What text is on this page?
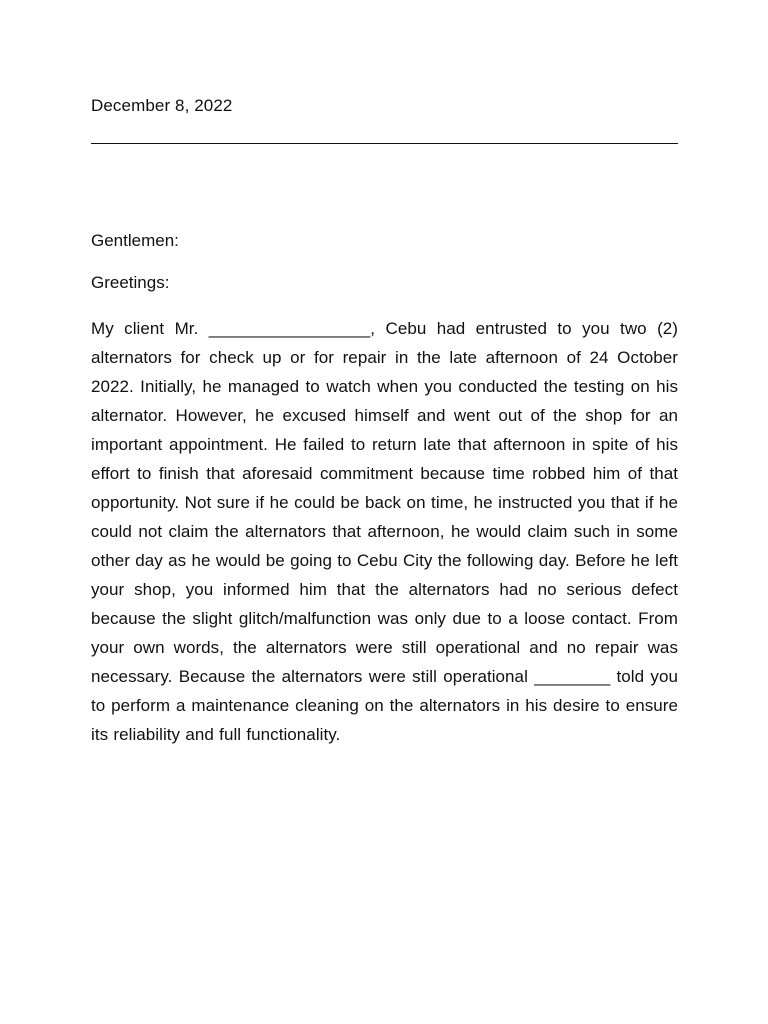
December 8, 2022
Gentlemen:
Greetings:

My client Mr. _________________, Cebu had entrusted to you two (2) alternators for check up or for repair in the late afternoon of 24 October 2022. Initially, he managed to watch when you conducted the testing on his alternator. However, he excused himself and went out of the shop for an important appointment. He failed to return late that afternoon in spite of his effort to finish that aforesaid commitment because time robbed him of that opportunity. Not sure if he could be back on time, he instructed you that if he could not claim the alternators that afternoon, he would claim such in some other day as he would be going to Cebu City the following day. Before he left your shop, you informed him that the alternators had no serious defect because the slight glitch/malfunction was only due to a loose contact. From your own words, the alternators were still operational and no repair was necessary. Because the alternators were still operational ________ told you to perform a maintenance cleaning on the alternators in his desire to ensure its reliability and full functionality.
